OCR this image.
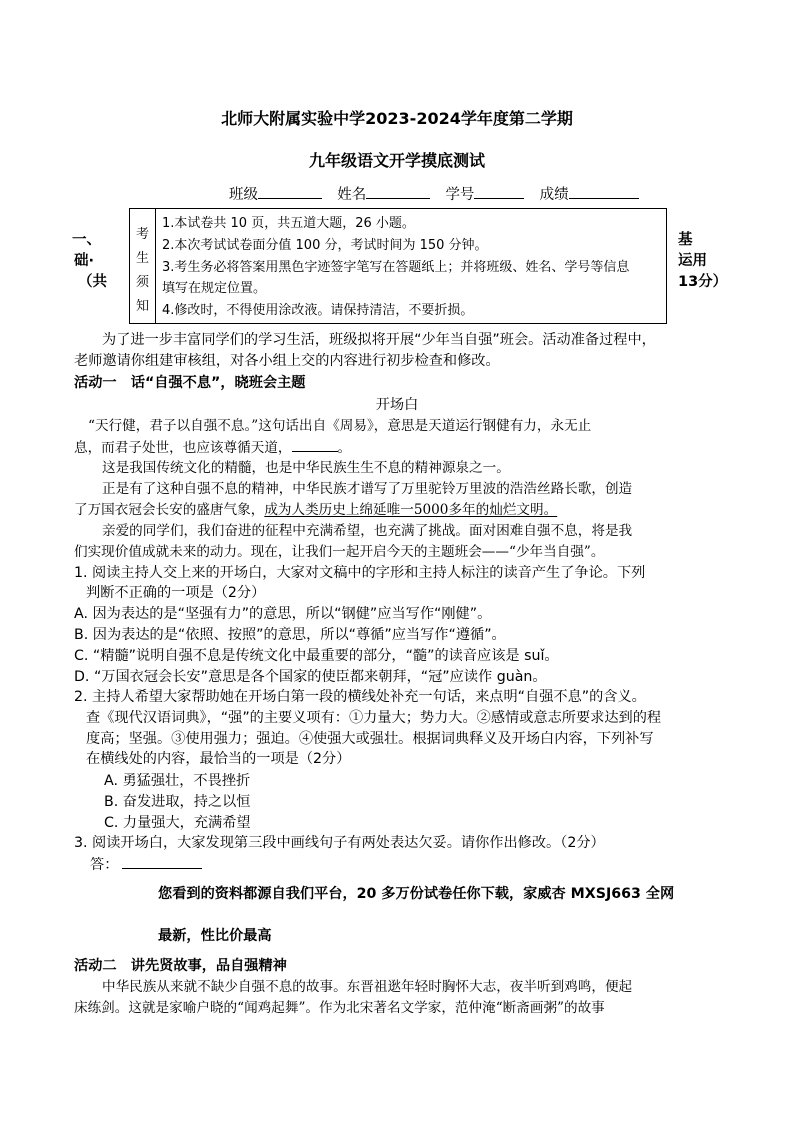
北师大附属实验中学2023-2024学年度第二学期
九年级语文开学摸底测试
班级	姓名	学号	成绩
一、
础·
（共
基
运用
13分）
考
生
须
知
1.本试卷共 10 页，共五道大题，26 小题。
2.本次考试试卷面分值 100 分，考试时间为 150 分钟。
3.考生务必将答案用黑色字迹签字笔写在答题纸上；并将班级、姓名、学号等信息
填写在规定位置。
4.修改时，不得使用涂改液。请保持清洁，不要折损。
为了进一步丰富同学们的学习生活，班级拟将开展“少年当自强”班会。活动准备过程中，
老师邀请你组建审核组，对各小组上交的内容进行初步检查和修改。
活动一　话“自强不息”，晓班会主题
开场白
“天行健，君子以自强不息。”这句话出自《周易》，意思是天道运行钢健有力，永无止
息，而君子处世，也应该尊循天道，	。
这是我国传统文化的精髓，也是中华民族生生不息的精神源泉之一。
正是有了这种自强不息的精神，中华民族才谱写了万里驼铃万里波的浩浩丝路长歌，创造
了万国衣冠会长安的盛唐气象，成为人类历史上绵延唯一5000多年的灿烂文明。
亲爱的同学们，我们奋进的征程中充满希望，也充满了挑战。面对困难自强不息，将是我
们实现价值成就未来的动力。现在，让我们一起开启今天的主题班会——“少年当自强”。
1. 阅读主持人交上来的开场白，大家对文稿中的字形和主持人标注的读音产生了争论。下列
判断不正确的一项是（2分）
A. 因为表达的是“坚强有力”的意思，所以“钢健”应当写作“刚健”。
B. 因为表达的是“依照、按照”的意思，所以“尊循”应当写作“遵循”。
C. “精髓”说明自强不息是传统文化中最重要的部分，“髓”的读音应该是 suǐ。
D. “万国衣冠会长安”意思是各个国家的使臣都来朝拜，“冠”应读作 guàn。
2. 主持人希望大家帮助她在开场白第一段的横线处补充一句话，来点明“自强不息”的含义。
查《现代汉语词典》，“强”的主要义项有：①力量大；势力大。②感情或意志所要求达到的程
度高；坚强。③使用强力；强迫。④使强大或强壮。根据词典释义及开场白内容，下列补写
在横线处的内容，最恰当的一项是（2分）
A. 勇猛强壮，不畏挫折
B. 奋发进取，持之以恒
C. 力量强大，充满希望
3. 阅读开场白，大家发现第三段中画线句子有两处表达欠妥。请你作出修改。（2分）
答：
您看到的资料都源自我们平台，20 多万份试卷任你下载，家威杏 MXSJ663 全网
最新，性比价最高
活动二　讲先贤故事，品自强精神
中华民族从来就不缺少自强不息的故事。东晋祖逖年轻时胸怀大志，夜半听到鸡鸣，便起
床练剑。这就是家喻户晓的“闻鸡起舞”。作为北宋著名文学家，范仲淹“断斋画粥”的故事
